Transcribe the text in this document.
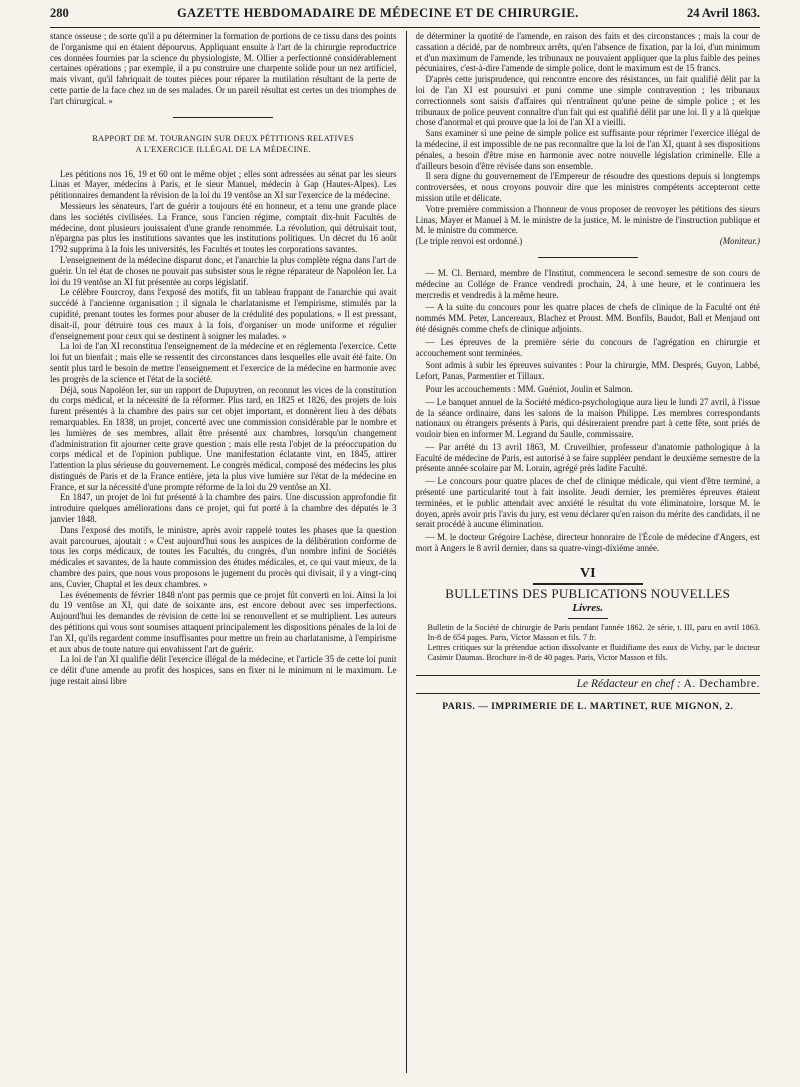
280	GAZETTE HEBDOMADAIRE DE MÉDECINE ET DE CHIRURGIE.	24 Avril 1863.

stance osseuse ; de sorte qu'il a pu déterminer la formation de portions de ce tissu dans des points de l'organisme qui en étaient dépourvus. Appliquant ensuite à l'art de la chirurgie reproductrice ces données fournies par la science du physiologiste, M. Ollier a perfectionné considérablement certaines opérations ; par exemple, il a pu construire une charpente solide pour un nez artificiel, mais vivant, qu'il fabriquait de toutes pièces pour réparer la mutilation résultant de la perte de cette partie de la face chez un de ses malades. Or un pareil résultat est certes un des triomphes de l'art chirurgical. »

RAPPORT DE M. TOURANGIN SUR DEUX PÉTITIONS RELATIVES
A L'EXERCICE ILLÉGAL DE LA MÉDECINE.

Les pétitions nos 16, 19 et 60 ont le même objet ; elles sont adressées au sénat par les sieurs Linas et Mayer, médecins à Paris, et le sieur Manuel, médecin à Gap (Hautes-Alpes). Les pétitionnaires demandent la révision de la loi du 19 ventôse an XI sur l'exercice de la médecine.

Messieurs les sénateurs, l'art de guérir a toujours été en honneur, et a tenu une grande place dans les sociétés civilisées. La France, sous l'ancien régime, comptait dix-huit Facultés de médecine, dont plusieurs jouissaient d'une grande renommée. La révolution, qui détruisait tout, n'épargna pas plus les institutions savantes que les institutions politiques. Un décret du 16 août 1792 supprima à la fois les universités, les Facultés et toutes les corporations savantes.

L'enseignement de la médecine disparut donc, et l'anarchie la plus complète régna dans l'art de guérir. Un tel état de choses ne pouvait pas subsister sous le règne réparateur de Napoléon Ier. La loi du 19 ventôse an XI fut présentée au corps législatif.

Le célèbre Fourcroy, dans l'exposé des motifs, fit un tableau frappant de l'anarchie qui avait succédé à l'ancienne organisation ; il signala le charlatanisme et l'empirisme, stimulés par la cupidité, prenant toutes les formes pour abuser de la crédulité des populations. « Il est pressant, disait-il, pour détruire tous ces maux à la fois, d'organiser un mode uniforme et régulier d'enseignement pour ceux qui se destinent à soigner les malades. »

La loi de l'an XI reconstitua l'enseignement de la médecine et en réglementa l'exercice. Cette loi fut un bienfait ; mais elle se ressentit des circonstances dans lesquelles elle avait été faite. On sentit plus tard le besoin de mettre l'enseignement et l'exercice de la médecine en harmonie avec les progrès de la science et l'état de la société.

Déjà, sous Napoléon Ier, sur un rapport de Dupuytren, on reconnut les vices de la constitution du corps médical, et la nécessité de la réformer. Plus tard, en 1825 et 1826, des projets de lois furent présentés à la chambre des pairs sur cet objet important, et donnèrent lieu à des débats remarquables. En 1838, un projet, concerté avec une commission considérable par le nombre et les lumières de ses membres, allait être présenté aux chambres, lorsqu'un changement d'administration fit ajourner cette grave question ; mais elle resta l'objet de la préoccupation du corps médical et de l'opinion publique. Une manifestation éclatante vint, en 1845, attirer l'attention la plus sérieuse du gouvernement. Le congrès médical, composé des médecins les plus distingués de Paris et de la France entière, jeta la plus vive lumière sur l'état de la médecine en France, et sur la nécessité d'une prompte réforme de la loi du 29 ventôse an XI.

En 1847, un projet de loi fut présenté à la chambre des pairs. Une discussion approfondie fit introduire quelques améliorations dans ce projet, qui fut porté à la chambre des députés le 3 janvier 1848.

Dans l'exposé des motifs, le ministre, après avoir rappelé toutes les phases que la question avait parcourues, ajoutait : « C'est aujourd'hui sous les auspices de la délibération conforme de tous les corps médicaux, de toutes les Facultés, du congrès, d'un nombre infini de Sociétés médicales et savantes, de la haute commission des études médicales, et, ce qui vaut mieux, de la chambre des pairs, que nous vous proposons le jugement du procès qui divisait, il y a vingt-cinq ans, Cuvier, Chaptal et les deux chambres. »

Les événements de février 1848 n'ont pas permis que ce projet fût converti en loi. Ainsi la loi du 19 ventôse an XI, qui date de soixante ans, est encore debout avec ses imperfections. Aujourd'hui les demandes de révision de cette loi se renouvellent et se multiplient. Les auteurs des pétitions qui vous sont soumises attaquent principalement les dispositions pénales de la loi de l'an XI, qu'ils regardent comme insuffisantes pour mettre un frein au charlatanisme, à l'empirisme et aux abus de toute nature qui envahissent l'art de guérir.

La loi de l'an XI qualifie délit l'exercice illégal de la médecine, et l'article 35 de cette loi punit ce délit d'une amende au profit des hospices, sans en fixer ni le minimum ni le maximum. Le juge restait ainsi libre

de déterminer la quotité de l'amende, en raison des faits et des circonstances ; mais la cour de cassation a décidé, par de nombreux arrêts, qu'en l'absence de fixation, par la loi, d'un minimum et d'un maximum de l'amende, les tribunaux ne pouvaient appliquer que la plus faible des peines pécuniaires, c'est-à-dire l'amende de simple police, dont le maximum est de 15 francs.

D'après cette jurisprudence, qui rencontre encore des résistances, un fait qualifié délit par la loi de l'an XI est poursuivi et puni comme une simple contravention ; les tribunaux correctionnels sont saisis d'affaires qui n'entraînent qu'une peine de simple police ; et les tribunaux de police peuvent connaître d'un fait qui est qualifié délit par une loi. Il y a là quelque chose d'anormal et qui prouve que la loi de l'an XI a vieilli.

Sans examiner si une peine de simple police est suffisante pour réprimer l'exercice illégal de la médecine, il est impossible de ne pas reconnaître que la loi de l'an XI, quant à ses dispositions pénales, a besoin d'être mise en harmonie avec notre nouvelle législation criminelle. Elle a d'ailleurs besoin d'être révisée dans son ensemble.

Il sera digne du gouvernement de l'Empereur de résoudre des questions depuis si longtemps controversées, et nous croyons pouvoir dire que les ministres compétents accepteront cette mission utile et délicate.

Votre première commission a l'honneur de vous proposer de renvoyer les pétitions des sieurs Linas, Mayer et Manuel à M. le ministre de la justice, M. le ministre de l'instruction publique et M. le ministre du commerce.

(Le triple renvoi est ordonné.)	(Moniteur.)

— M. Cl. Bernard, membre de l'Institut, commencera le second semestre de son cours de médecine au Collége de France vendredi prochain, 24, à une heure, et le continuera les mercredis et vendredis à la même heure.

— A la suite du concours pour les quatre places de chefs de clinique de la Faculté ont été nommés MM. Peter, Lancereaux, Blachez et Proust. MM. Bonfils, Baudot, Ball et Menjaud ont été désignés comme chefs de clinique adjoints.

— Les épreuves de la première série du concours de l'agrégation en chirurgie et accouchement sont terminées.

Sont admis à subir les épreuves suivantes : Pour la chirurgie, MM. Després, Guyon, Labbé, Lefort, Panas, Parmentier et Tillaux.

Pour les accouchements : MM. Guéniot, Joulin et Salmon.

— Le banquet annuel de la Société médico-psychologique aura lieu le lundi 27 avril, à l'issue de la séance ordinaire, dans les salons de la maison Philippe. Les membres correspondants nationaux ou étrangers présents à Paris, qui désireraient prendre part à cette fête, sont priés de vouloir bien en informer M. Legrand du Saulle, commissaire.

— Par arrêté du 13 avril 1863, M. Cruveilhier, professeur d'anatomie pathologique à la Faculté de médecine de Paris, est autorisé à se faire suppléer pendant le deuxième semestre de la présente année scolaire par M. Lorain, agrégé près ladite Faculté.

— Le concours pour quatre places de chef de clinique médicale, qui vient d'être terminé, a présenté une particularité tout à fait insolite. Jeudi dernier, les premières épreuves étaient terminées, et le public attendait avec anxiété le résultat du vote éliminatoire, lorsque M. le doyen, après avoir pris l'avis du jury, est venu déclarer qu'en raison du mérite des candidats, il ne serait procédé à aucune élimination.

— M. le docteur Grégoire Lachèse, directeur honoraire de l'École de médecine d'Angers, est mort à Angers le 8 avril dernier, dans sa quatre-vingt-dixième année.

VI
BULLETINS DES PUBLICATIONS NOUVELLES
Livres.

Bulletin de la Société de chirurgie de Paris pendant l'année 1862. 2e série, t. III, paru en avril 1863. In-8 de 654 pages. Paris, Victor Masson et fils. 7 fr.

Lettres critiques sur la prétendue action dissolvante et fluidifiante des eaux de Vichy, par le docteur Casimir Daumas. Brochure in-8 de 40 pages. Paris, Victor Masson et fils.

Le Rédacteur en chef : A. Dechambre.
PARIS. — IMPRIMERIE DE L. MARTINET, RUE MIGNON, 2.
